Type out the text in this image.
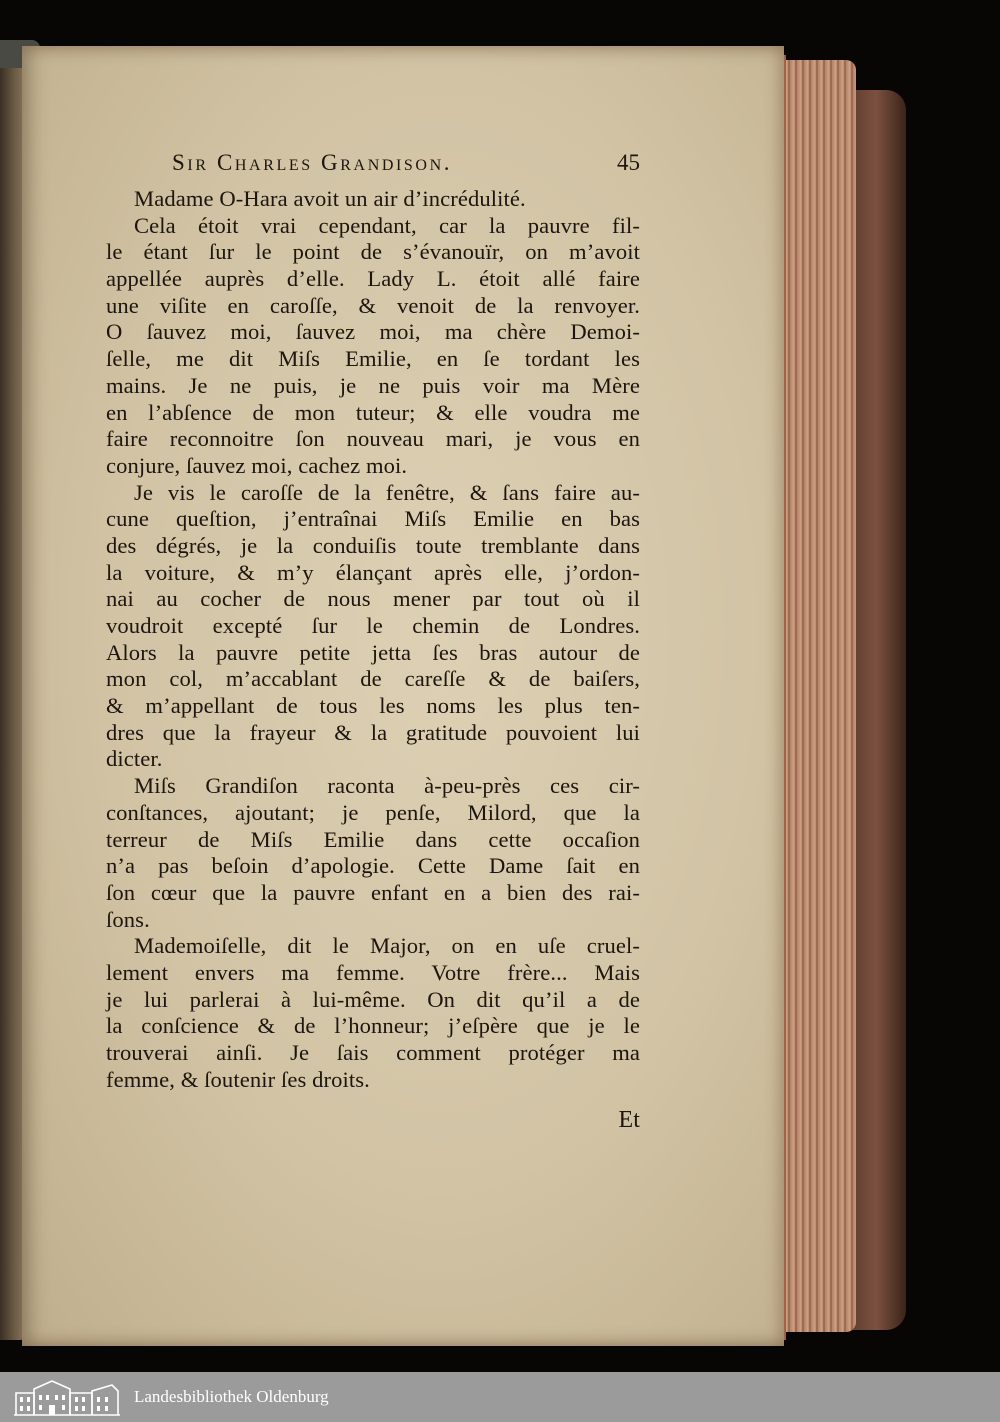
Sir Charles Grandison.	45
Madame O-Hara avoit un air d’incrédulité.
Cela étoit vrai cependant, car la pauvre fil-
le étant ſur le point de s’évanouïr, on m’avoit
appellée auprès d’elle. Lady L. étoit allé faire
une viſite en caroſſe, & venoit de la renvoyer.
O ſauvez moi, ſauvez moi, ma chère Demoi-
ſelle, me dit Miſs Emilie, en ſe tordant les
mains. Je ne puis, je ne puis voir ma Mère
en l’abſence de mon tuteur; & elle voudra me
faire reconnoitre ſon nouveau mari, je vous en
conjure, ſauvez moi, cachez moi.
Je vis le caroſſe de la fenêtre, & ſans faire au-
cune queſtion, j’entraînai Miſs Emilie en bas
des dégrés, je la conduiſis toute tremblante dans
la voiture, & m’y élançant après elle, j’ordon-
nai au cocher de nous mener par tout où il
voudroit excepté ſur le chemin de Londres.
Alors la pauvre petite jetta ſes bras autour de
mon col, m’accablant de careſſe & de baiſers,
& m’appellant de tous les noms les plus ten-
dres que la frayeur & la gratitude pouvoient lui
dicter.
Miſs Grandiſon raconta à-peu-près ces cir-
conſtances, ajoutant; je penſe, Milord, que la
terreur de Miſs Emilie dans cette occaſion
n’a pas beſoin d’apologie. Cette Dame ſait en
ſon cœur que la pauvre enfant en a bien des rai-
ſons.
Mademoiſelle, dit le Major, on en uſe cruel-
lement envers ma femme. Votre frère... Mais
je lui parlerai à lui-même. On dit qu’il a de
la conſcience & de l’honneur; j’eſpère que je le
trouverai ainſi. Je ſais comment protéger ma
femme, & ſoutenir ſes droits.
Et
Landesbibliothek Oldenburg
